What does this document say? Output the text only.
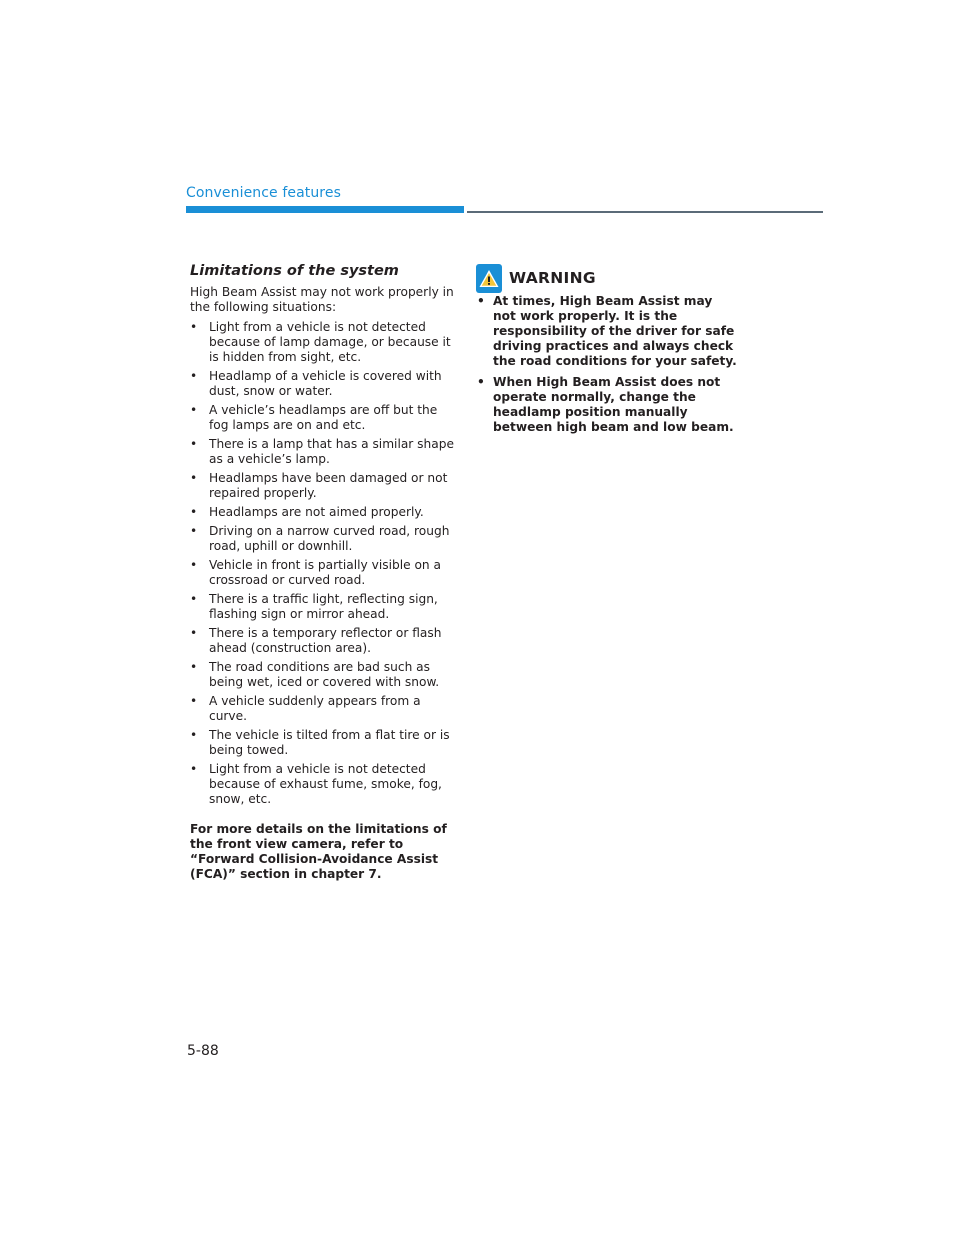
Convenience features
Limitations of the system

High Beam Assist may not work properly in the following situations:

• Light from a vehicle is not detected because of lamp damage, or because it is hidden from sight, etc.
• Headlamp of a vehicle is covered with dust, snow or water.
• A vehicle’s headlamps are off but the fog lamps are on and etc.
• There is a lamp that has a similar shape as a vehicle’s lamp.
• Headlamps have been damaged or not repaired properly.
• Headlamps are not aimed properly.
• Driving on a narrow curved road, rough road, uphill or downhill.
• Vehicle in front is partially visible on a crossroad or curved road.
• There is a traffic light, reflecting sign, flashing sign or mirror ahead.
• There is a temporary reflector or flash ahead (construction area).
• The road conditions are bad such as being wet, iced or covered with snow.
• A vehicle suddenly appears from a curve.
• The vehicle is tilted from a flat tire or is being towed.
• Light from a vehicle is not detected because of exhaust fume, smoke, fog, snow, etc.

For more details on the limitations of the front view camera, refer to “Forward Collision-Avoidance Assist (FCA)” section in chapter 7.

WARNING
• At times, High Beam Assist may not work properly. It is the responsibility of the driver for safe driving practices and always check the road conditions for your safety.
• When High Beam Assist does not operate normally, change the headlamp position manually between high beam and low beam.
5-88
